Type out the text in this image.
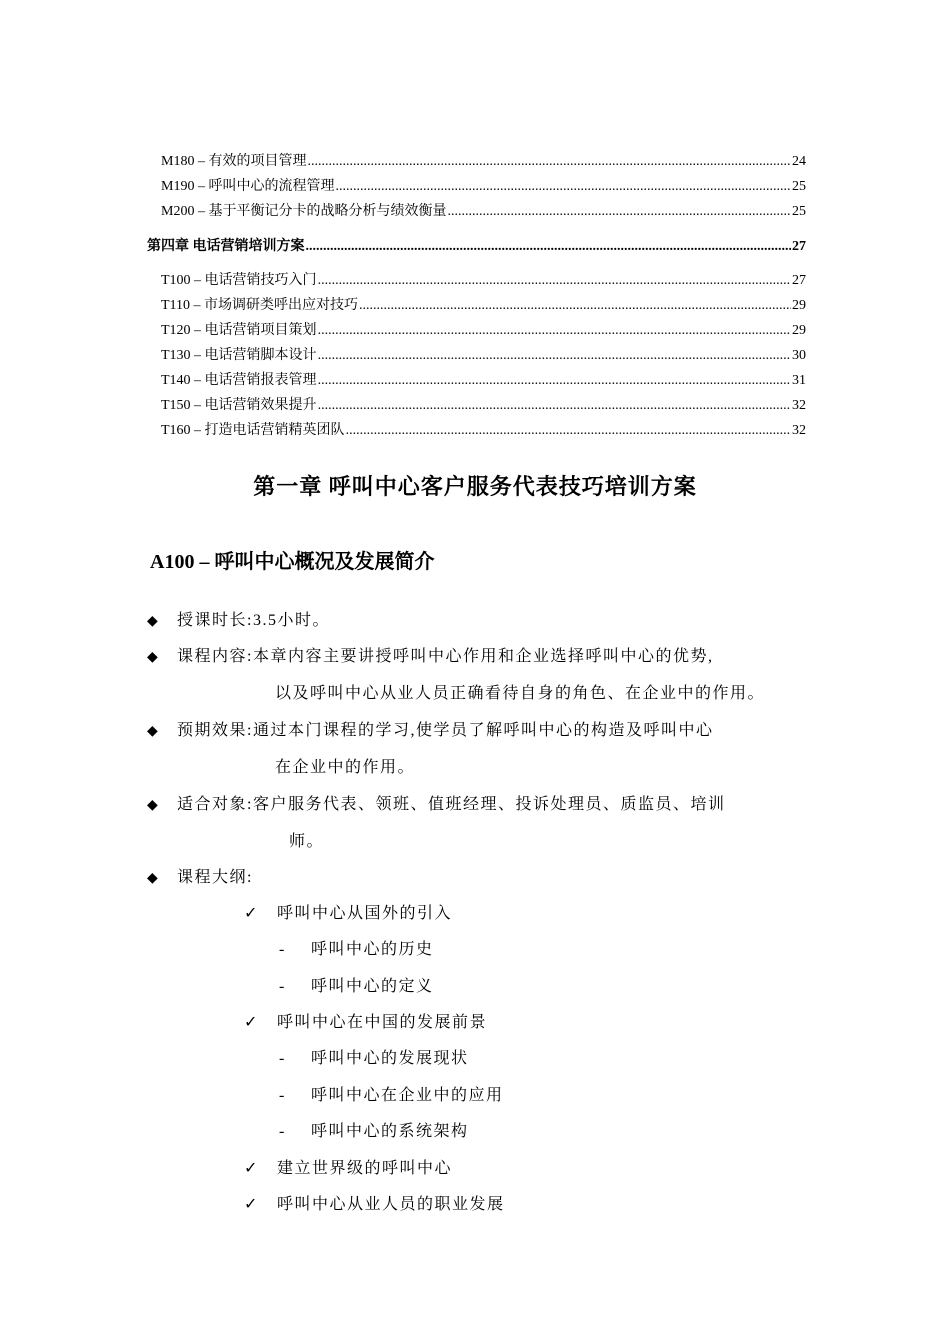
M180 – 有效的项目管理 .....	24
M190 – 呼叫中心的流程管理 .....	25
M200 – 基于平衡记分卡的战略分析与绩效衡量 .....	25
第四章 电话营销培训方案 .....	27
T100 – 电话营销技巧入门 .....	27
T110 – 市场调研类呼出应对技巧 .....	29
T120 – 电话营销项目策划 .....	29
T130 – 电话营销脚本设计 .....	30
T140 – 电话营销报表管理 .....	31
T150 – 电话营销效果提升 .....	32
T160 – 打造电话营销精英团队 .....	32
第一章 呼叫中心客户服务代表技巧培训方案
A100 – 呼叫中心概况及发展简介
◆ 授课时长:3.5小时。
◆ 课程内容:本章内容主要讲授呼叫中心作用和企业选择呼叫中心的优势,
以及呼叫中心从业人员正确看待自身的角色、在企业中的作用。
◆ 预期效果:通过本门课程的学习,使学员了解呼叫中心的构造及呼叫中心
在企业中的作用。
◆ 适合对象:客户服务代表、领班、值班经理、投诉处理员、质监员、培训
师。
◆ 课程大纲:
✓ 呼叫中心从国外的引入
- 呼叫中心的历史
- 呼叫中心的定义
✓ 呼叫中心在中国的发展前景
- 呼叫中心的发展现状
- 呼叫中心在企业中的应用
- 呼叫中心的系统架构
✓ 建立世界级的呼叫中心
✓ 呼叫中心从业人员的职业发展
